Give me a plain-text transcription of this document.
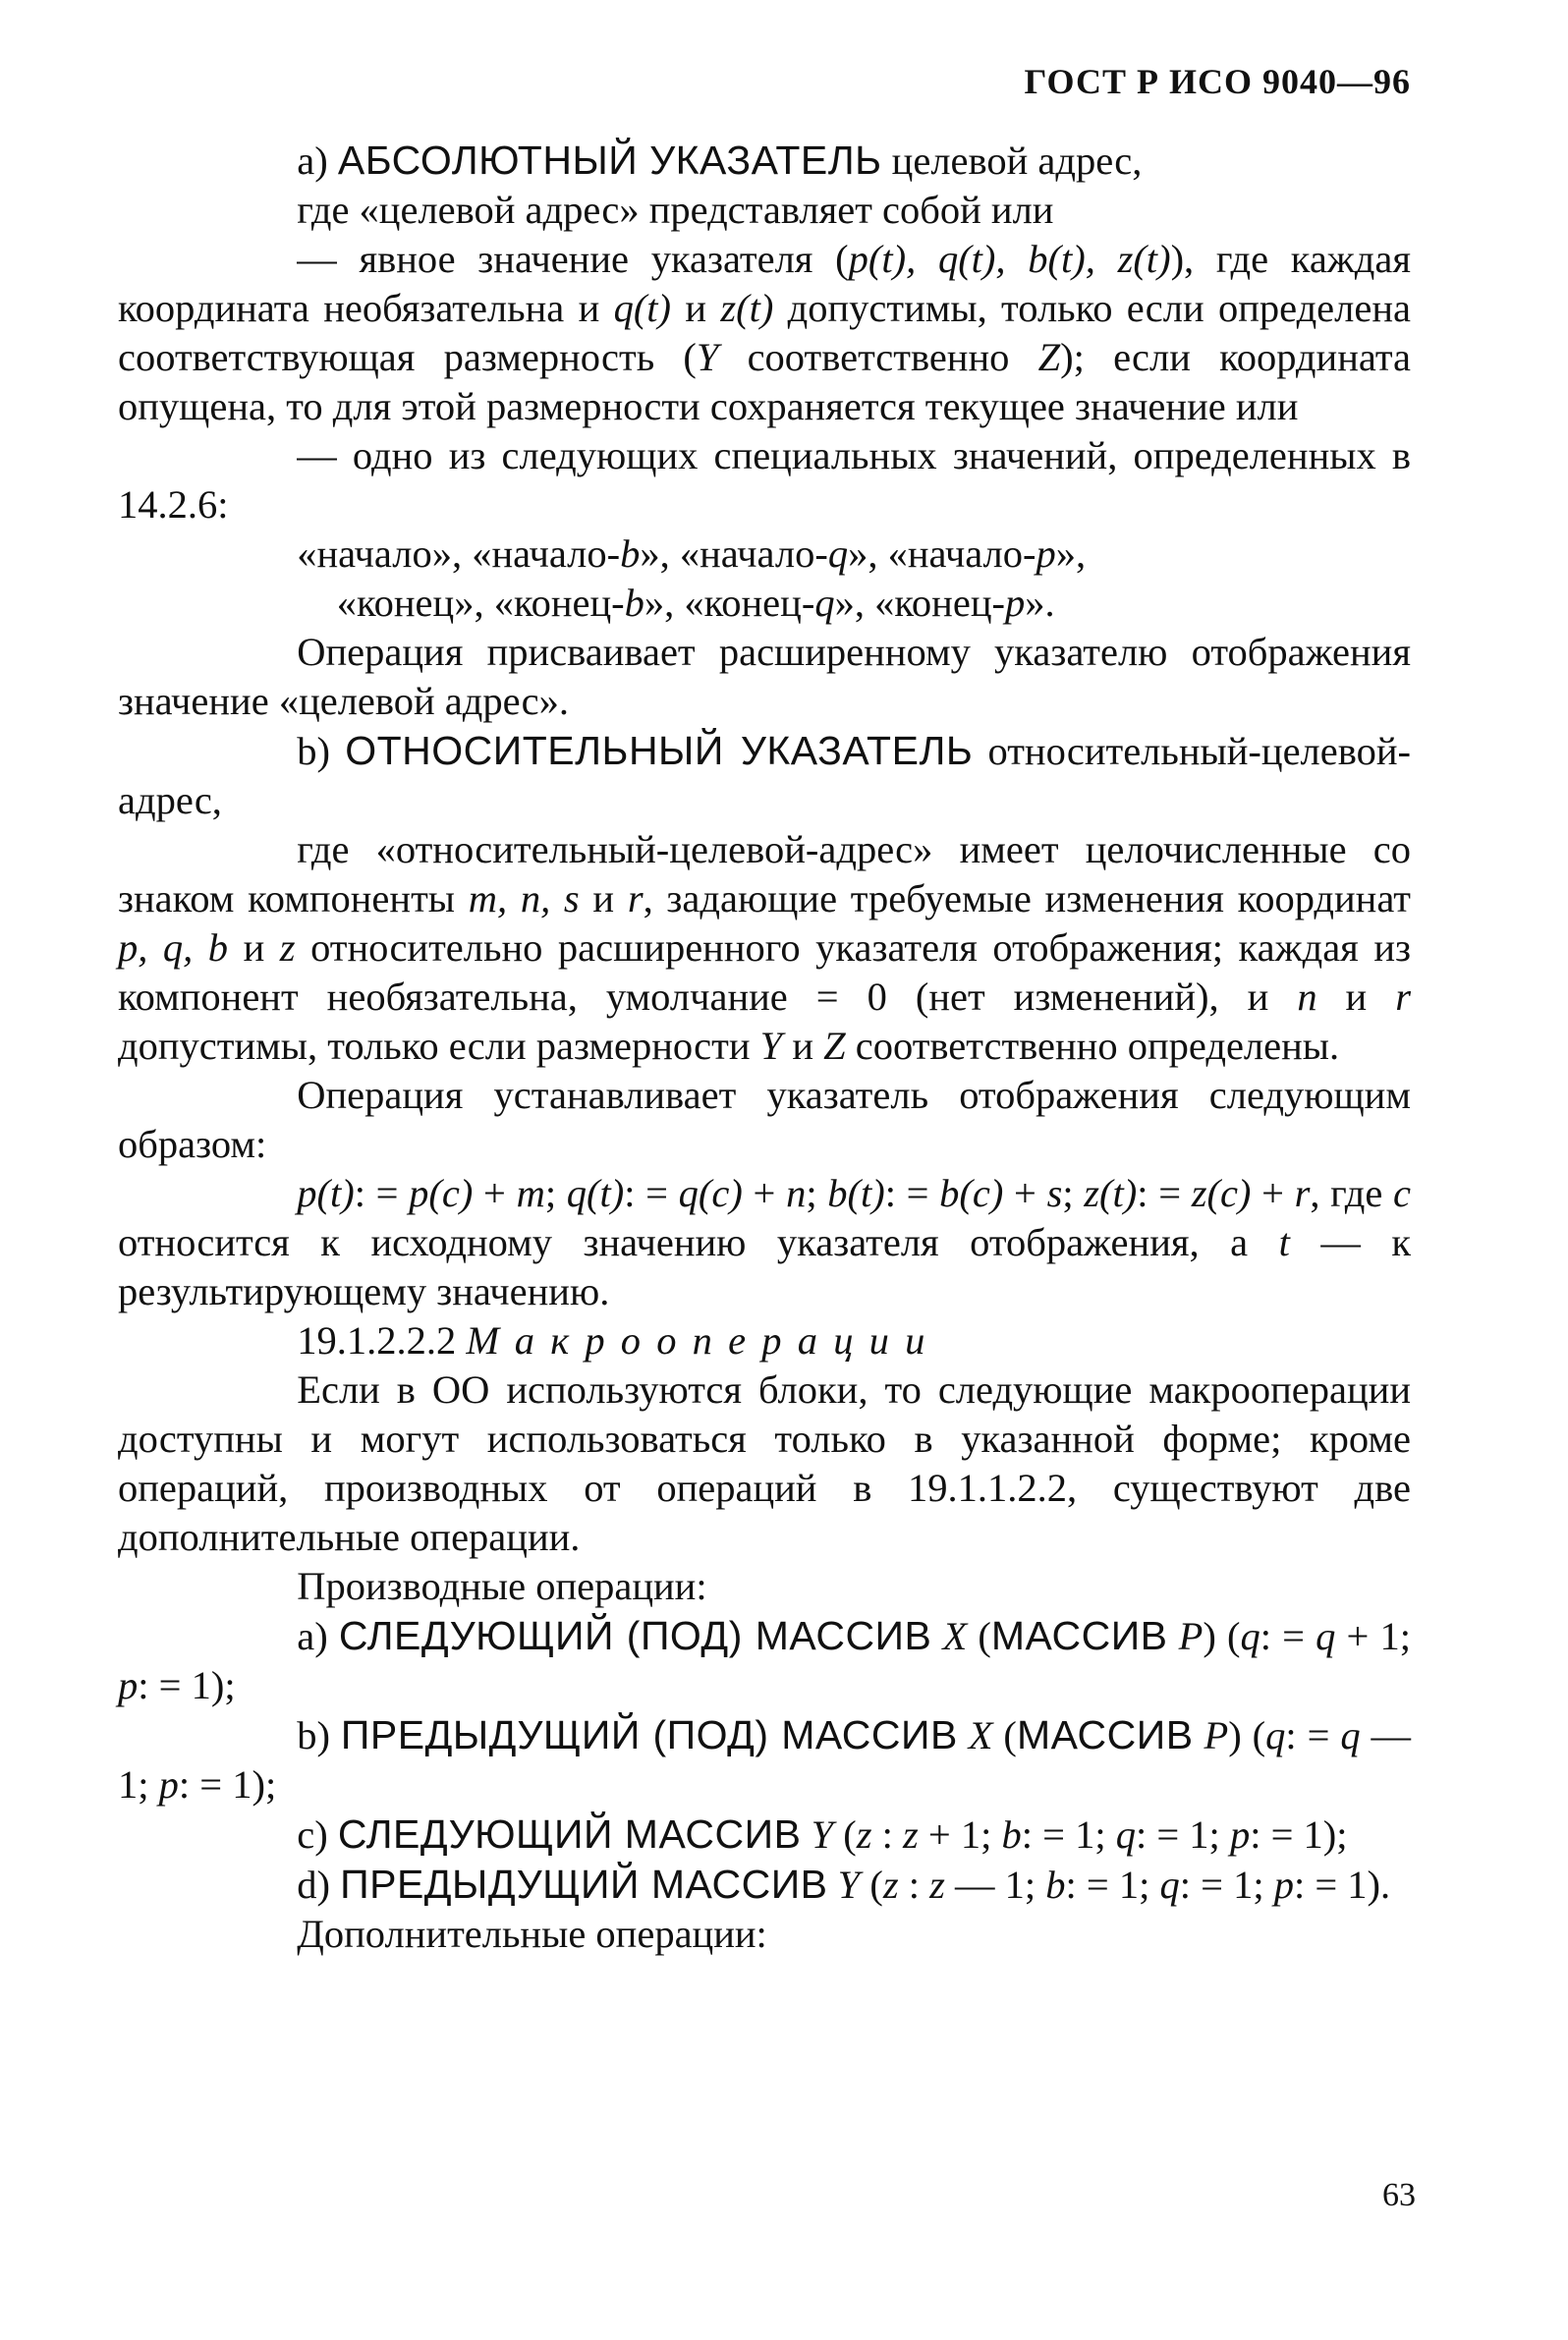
ГОСТ Р ИСО 9040—96

a) АБСОЛЮТНЫЙ УКАЗАТЕЛЬ целевой адрес,

где «целевой адрес» представляет собой или

— явное значение указателя (p(t), q(t), b(t), z(t)), где каждая координата необязательна и q(t) и z(t) допустимы, только если определена соответствующая размерность (Y соответственно Z); если координата опущена, то для этой размерности сохраняется текущее значение или

— одно из следующих специальных значений, определенных в 14.2.6:

«начало», «начало-b», «начало-q», «начало-p»,

«конец», «конец-b», «конец-q», «конец-p».

Операция присваивает расширенному указателю отображения значение «целевой адрес».

b) ОТНОСИТЕЛЬНЫЙ УКАЗАТЕЛЬ относительный-целевой-адрес,

где «относительный-целевой-адрес» имеет целочисленные со знаком компоненты m, n, s и r, задающие требуемые изменения координат p, q, b и z относительно расширенного указателя отображения; каждая из компонент необязательна, умолчание = 0 (нет изменений), и n и r допустимы, только если размерности Y и Z соответственно определены.

Операция устанавливает указатель отображения следующим образом:

p(t): = p(c) + m; q(t): = q(c) + n; b(t): = b(c) + s; z(t): = z(c) + r, где c относится к исходному значению указателя отображения, а t — к результирующему значению.

19.1.2.2.2 Макрооперации

Если в ОО используются блоки, то следующие макрооперации доступны и могут использоваться только в указанной форме; кроме операций, производных от операций в 19.1.1.2.2, существуют две дополнительные операции.

Производные операции:

a) СЛЕДУЮЩИЙ (ПОД) МАССИВ X (МАССИВ P) (q: = q + 1; p: = 1);

b) ПРЕДЫДУЩИЙ (ПОД) МАССИВ X (МАССИВ P) (q: = q — 1; p: = 1);

c) СЛЕДУЮЩИЙ МАССИВ Y (z : z + 1; b: = 1; q: = 1; p: = 1);

d) ПРЕДЫДУЩИЙ МАССИВ Y (z : z — 1; b: = 1; q: = 1; p: = 1).

Дополнительные операции:

63
